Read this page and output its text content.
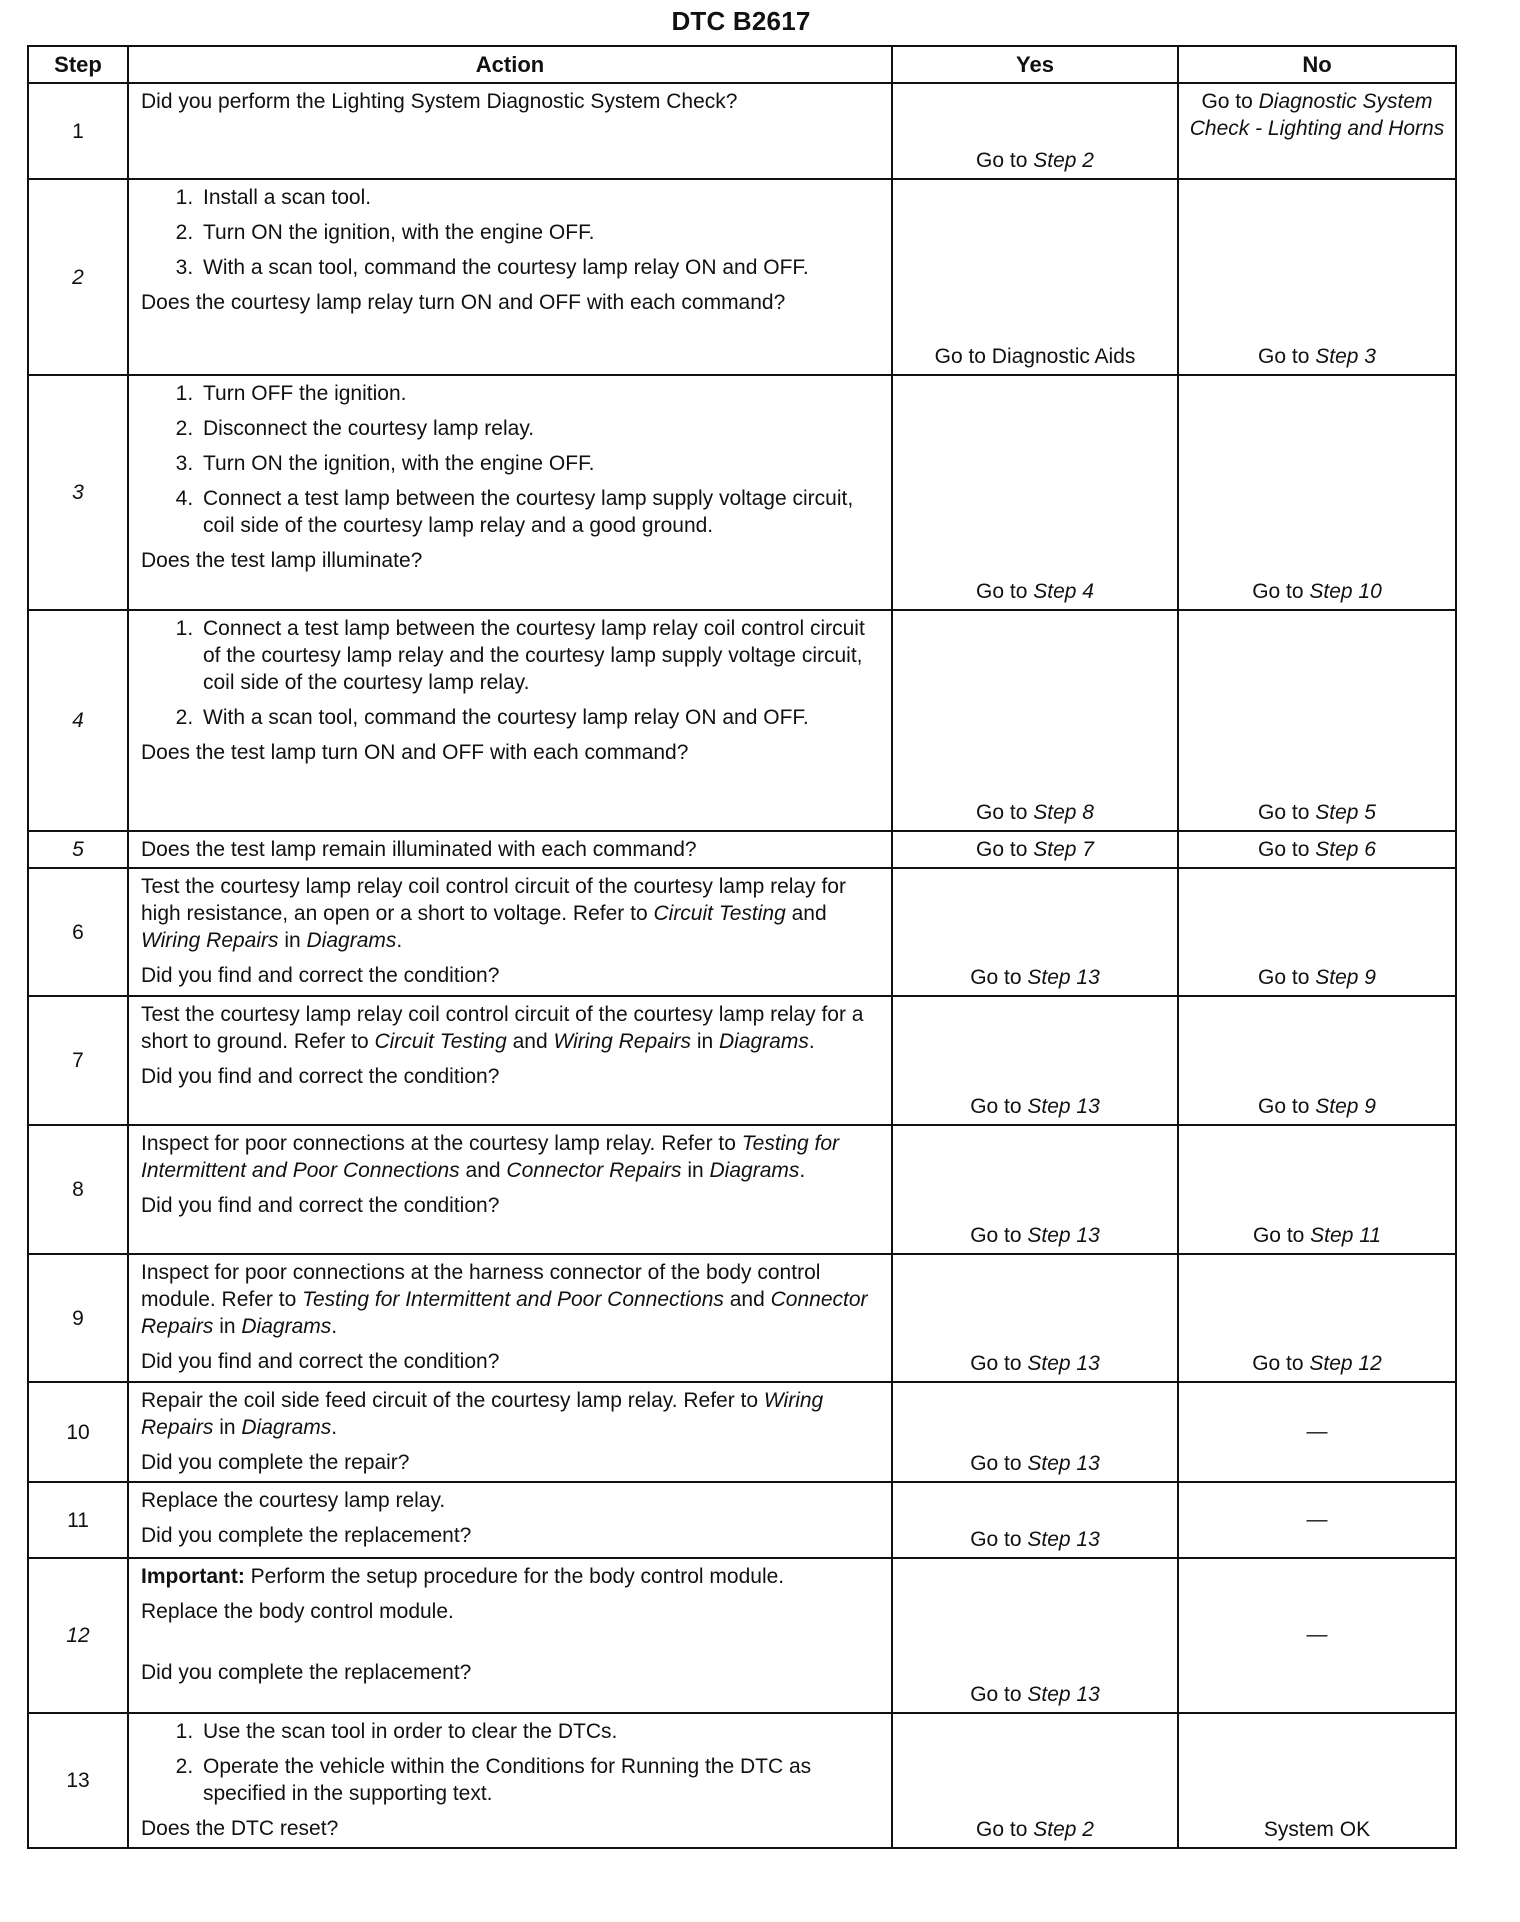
DTC B2617
Step	Action	Yes	No
1	Did you perform the Lighting System Diagnostic System Check?	Go to Step 2	Go to Diagnostic System Check - Lighting and Horns
2	
1. Install a scan tool.
2. Turn ON the ignition, with the engine OFF.
3. With a scan tool, command the courtesy lamp relay ON and OFF.
Does the courtesy lamp relay turn ON and OFF with each command?
	Go to Diagnostic Aids	Go to Step 3
3	
1. Turn OFF the ignition.
2. Disconnect the courtesy lamp relay.
3. Turn ON the ignition, with the engine OFF.
4. Connect a test lamp between the courtesy lamp supply voltage circuit, coil side of the courtesy lamp relay and a good ground.
Does the test lamp illuminate?
	Go to Step 4	Go to Step 10
4	
1. Connect a test lamp between the courtesy lamp relay coil control circuit of the courtesy lamp relay and the courtesy lamp supply voltage circuit, coil side of the courtesy lamp relay.
2. With a scan tool, command the courtesy lamp relay ON and OFF.
Does the test lamp turn ON and OFF with each command?
	Go to Step 8	Go to Step 5
5	Does the test lamp remain illuminated with each command?	Go to Step 7	Go to Step 6
6	Test the courtesy lamp relay coil control circuit of the courtesy lamp relay for high resistance, an open or a short to voltage. Refer to Circuit Testing and Wiring Repairs in Diagrams.
Did you find and correct the condition?	Go to Step 13	Go to Step 9
7	Test the courtesy lamp relay coil control circuit of the courtesy lamp relay for a short to ground. Refer to Circuit Testing and Wiring Repairs in Diagrams.
Did you find and correct the condition?	Go to Step 13	Go to Step 9
8	Inspect for poor connections at the courtesy lamp relay. Refer to Testing for Intermittent and Poor Connections and Connector Repairs in Diagrams.
Did you find and correct the condition?	Go to Step 13	Go to Step 11
9	Inspect for poor connections at the harness connector of the body control module. Refer to Testing for Intermittent and Poor Connections and Connector Repairs in Diagrams.
Did you find and correct the condition?	Go to Step 13	Go to Step 12
10	Repair the coil side feed circuit of the courtesy lamp relay. Refer to Wiring Repairs in Diagrams.
Did you complete the repair?	Go to Step 13	—
11	Replace the courtesy lamp relay.
Did you complete the replacement?	Go to Step 13	—
12	Important: Perform the setup procedure for the body control module.
Replace the body control module.
Did you complete the replacement?	Go to Step 13	—
13	
1. Use the scan tool in order to clear the DTCs.
2. Operate the vehicle within the Conditions for Running the DTC as specified in the supporting text.
Does the DTC reset?	Go to Step 2	System OK
